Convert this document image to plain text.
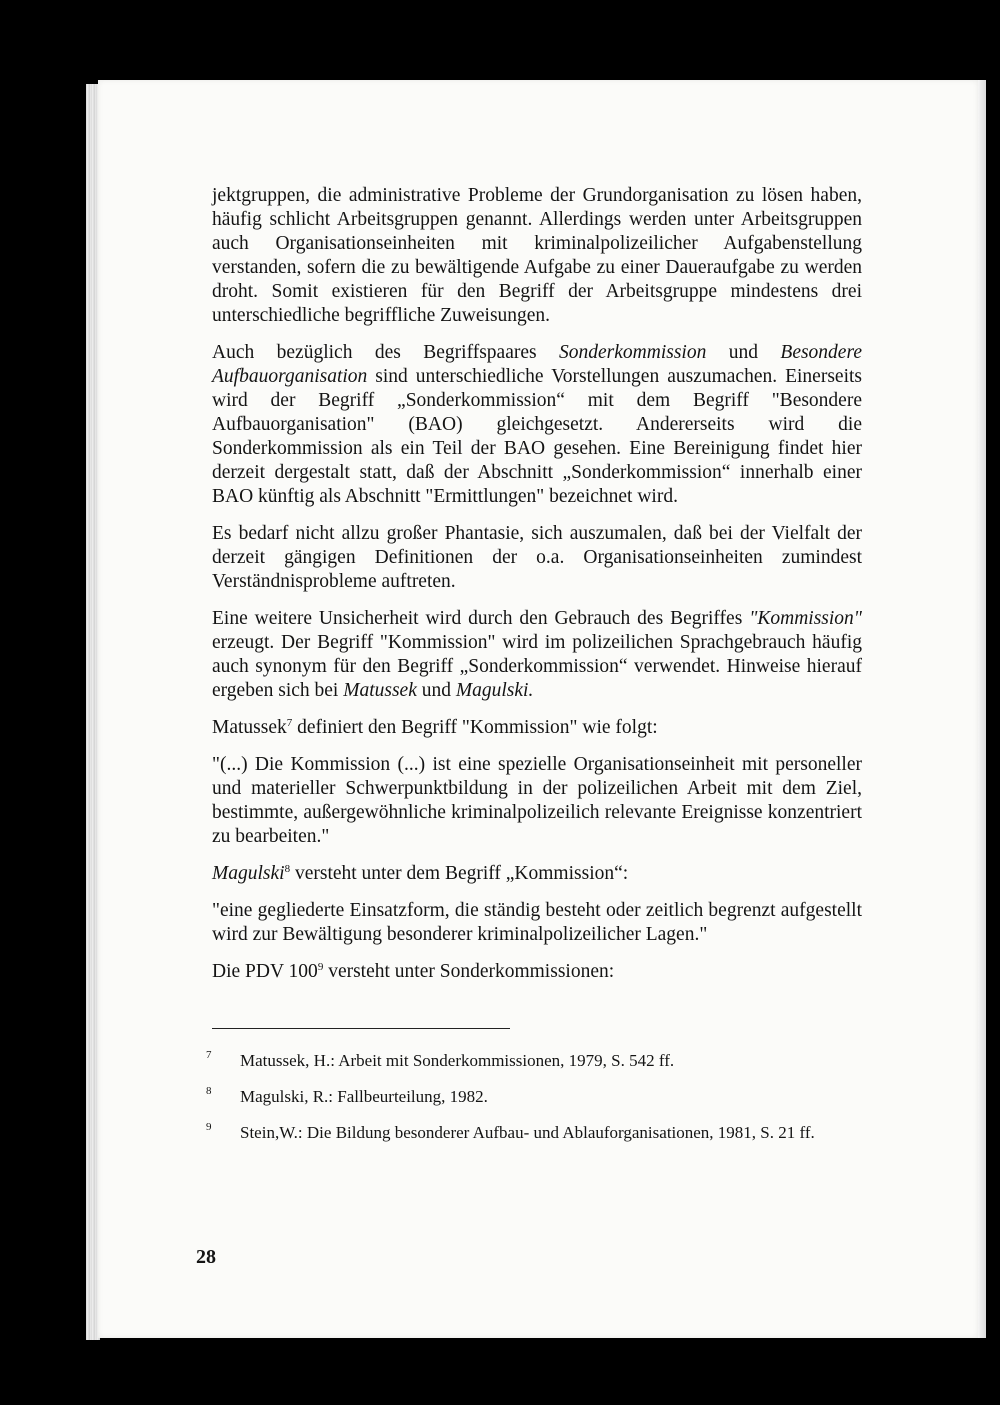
jektgruppen, die administrative Probleme der Grundorganisation zu lösen haben, häufig schlicht Arbeitsgruppen genannt. Allerdings werden unter Arbeitsgruppen auch Organisationseinheiten mit kriminalpolizeilicher Aufgabenstellung verstanden, sofern die zu bewältigende Aufgabe zu einer Daueraufgabe zu werden droht. Somit existieren für den Begriff der Arbeitsgruppe mindestens drei unterschiedliche begriffliche Zuweisungen.

Auch bezüglich des Begriffspaares Sonderkommission und Besondere Aufbauorganisation sind unterschiedliche Vorstellungen auszumachen. Einerseits wird der Begriff „Sonderkommission“ mit dem Begriff "Besondere Aufbauorganisation" (BAO) gleichgesetzt. Andererseits wird die Sonderkommission als ein Teil der BAO gesehen. Eine Bereinigung findet hier derzeit dergestalt statt, daß der Abschnitt „Sonderkommission“ innerhalb einer BAO künftig als Abschnitt "Ermittlungen" bezeichnet wird.

Es bedarf nicht allzu großer Phantasie, sich auszumalen, daß bei der Vielfalt der derzeit gängigen Definitionen der o.a. Organisationseinheiten zumindest Verständnisprobleme auftreten.

Eine weitere Unsicherheit wird durch den Gebrauch des Begriffes "Kommission" erzeugt. Der Begriff "Kommission" wird im polizeilichen Sprachgebrauch häufig auch synonym für den Begriff „Sonderkommission“ verwendet. Hinweise hierauf ergeben sich bei Matussek und Magulski.

Matussek$^7$ definiert den Begriff "Kommission" wie folgt:

"(...) Die Kommission (...) ist eine spezielle Organisationseinheit mit personeller und materieller Schwerpunktbildung in der polizeilichen Arbeit mit dem Ziel, bestimmte, außergewöhnliche kriminalpolizeilich relevante Ereignisse konzentriert zu bearbeiten."

Magulski$^8$ versteht unter dem Begriff „Kommission“:

"eine gegliederte Einsatzform, die ständig besteht oder zeitlich begrenzt aufgestellt wird zur Bewältigung besonderer kriminalpolizeilicher Lagen."

Die PDV $100^9$ versteht unter Sonderkommissionen:

7	Matussek, H.: Arbeit mit Sonderkommissionen, 1979, S. 542 ff.
8	Magulski, R.: Fallbeurteilung, 1982.
9	Stein,W.: Die Bildung besonderer Aufbau- und Ablauforganisationen, 1981, S. 21 ff.
28
